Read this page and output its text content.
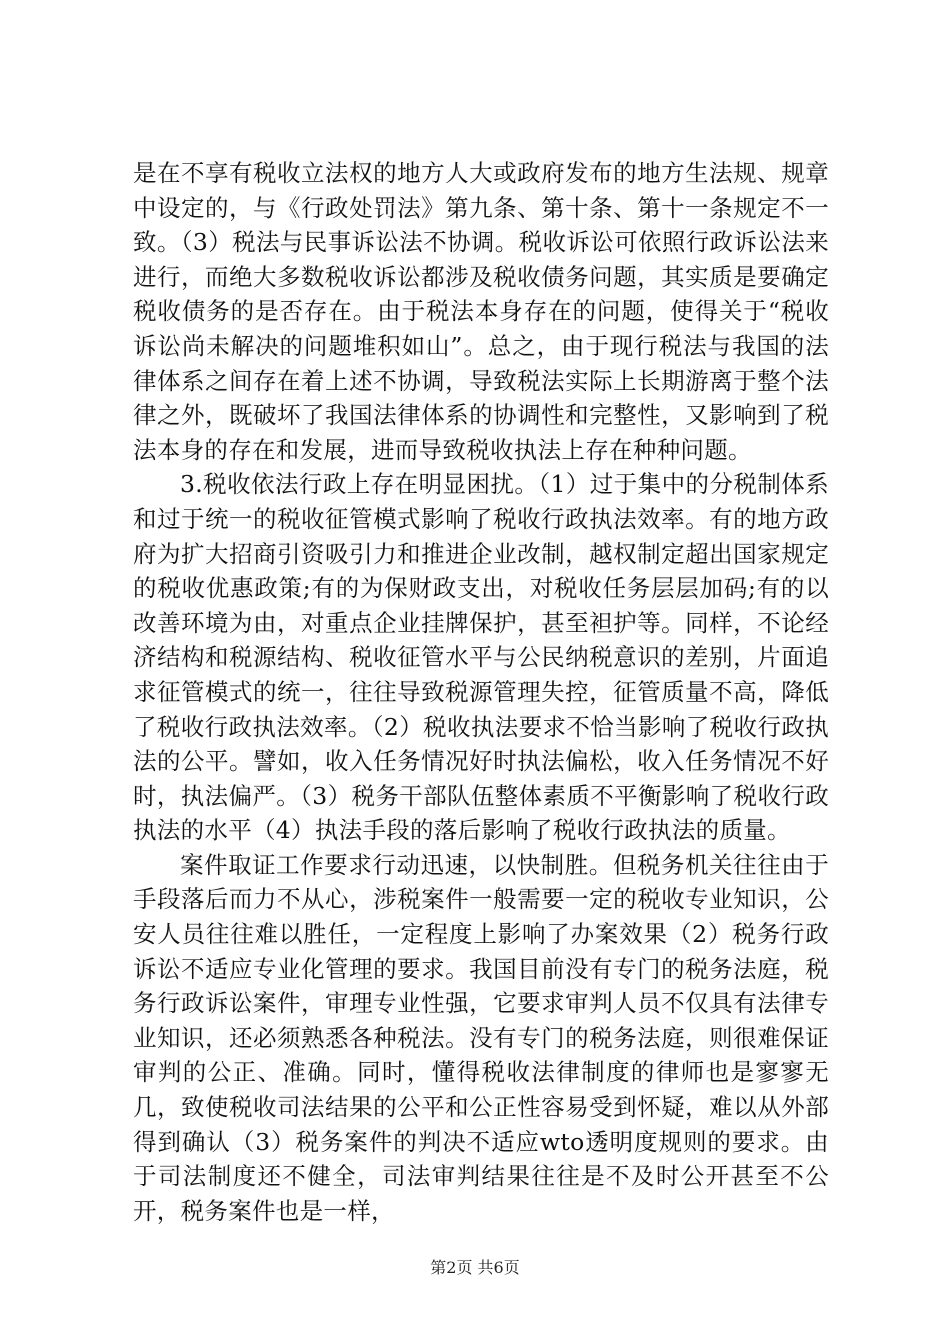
是在不享有税收立法权的地方人大或政府发布的地方生法规、规章中设定的，与《行政处罚法》第九条、第十条、第十一条规定不一致。（3）税法与民事诉讼法不协调。税收诉讼可依照行政诉讼法来进行，而绝大多数税收诉讼都涉及税收债务问题，其实质是要确定税收债务的是否存在。由于税法本身存在的问题，使得关于“税收诉讼尚未解决的问题堆积如山”。总之，由于现行税法与我国的法律体系之间存在着上述不协调，导致税法实际上长期游离于整个法律之外，既破坏了我国法律体系的协调性和完整性，又影响到了税法本身的存在和发展，进而导致税收执法上存在种种问题。

3.税收依法行政上存在明显困扰。（1）过于集中的分税制体系和过于统一的税收征管模式影响了税收行政执法效率。有的地方政府为扩大招商引资吸引力和推进企业改制，越权制定超出国家规定的税收优惠政策;有的为保财政支出，对税收任务层层加码;有的以改善环境为由，对重点企业挂牌保护，甚至袒护等。同样，不论经济结构和税源结构、税收征管水平与公民纳税意识的差别，片面追求征管模式的统一，往往导致税源管理失控，征管质量不高，降低了税收行政执法效率。（2）税收执法要求不恰当影响了税收行政执法的公平。譬如，收入任务情况好时执法偏松，收入任务情况不好时，执法偏严。（3）税务干部队伍整体素质不平衡影响了税收行政执法的水平（4）执法手段的落后影响了税收行政执法的质量。

案件取证工作要求行动迅速，以快制胜。但税务机关往往由于手段落后而力不从心，涉税案件一般需要一定的税收专业知识，公安人员往往难以胜任，一定程度上影响了办案效果（2）税务行政诉讼不适应专业化管理的要求。我国目前没有专门的税务法庭，税务行政诉讼案件，审理专业性强，它要求审判人员不仅具有法律专业知识，还必须熟悉各种税法。没有专门的税务法庭，则很难保证审判的公正、准确。同时，懂得税收法律制度的律师也是寥寥无几，致使税收司法结果的公平和公正性容易受到怀疑，难以从外部得到确认（3）税务案件的判决不适应wto透明度规则的要求。由于司法制度还不健全，司法审判结果往往是不及时公开甚至不公开，税务案件也是一样，

第2页 共6页
